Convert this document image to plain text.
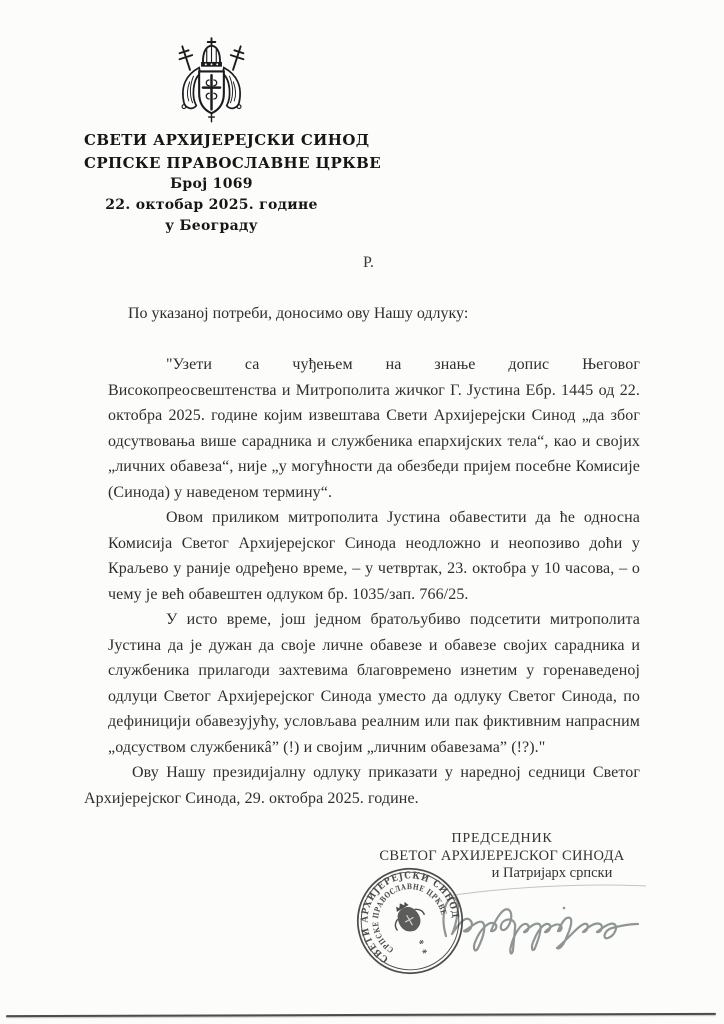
СВЕТИ АРХИЈЕРЕЈСКИ СИНОД
СРПСКЕ ПРАВОСЛАВНЕ ЦРКВЕ
Број 1069
22. октобар 2025. године
у Београду
Р.
По указаној потреби, доносимо ову Нашу одлуку:

"Узети са чуђењем на знање допис Његовог Високопреосвештенства и Митрополита жичког Г. Јустина Ебр. 1445 од 22. октобра 2025. године којим извештава Свети Архијерејски Синод „да због одсутвовања више сарадника и службеника епархијских тела“, као и својих „личних обавеза“, није „у могућности да обезбеди пријем посебне Комисије (Синода) у наведеном термину“.

Овом приликом митрополита Јустина обавестити да ће односна Комисија Светог Архијерејског Синода неодложно и неопозиво доћи у Краљево у раније одређено време, – у четвртак, 23. октобра у 10 часова, – о чему је већ обавештен одлуком бр. 1035/зап. 766/25.

У исто време, још једном братољубиво подсетити митрополита Јустина да је дужан да своје личне обавезе и обавезе својих сарадника и службеника прилагоди захтевима благовремено изнетим у горенаведеној одлуци Светог Архијерејског Синода уместо да одлуку Светог Синода, по дефиницији обавезујућу, условљава реалним или пак фиктивним напрасним „одсуством службеникâ” (!) и својим „личним обавезама” (!?)."

Ову Нашу президијалну одлуку приказати у наредној седници Светог Архијерејског Синода, 29. октобра 2025. године.

ПРЕДСЕДНИК
СВЕТОГ АРХИЈЕРЕЈСКОГ СИНОДА
и Патријарх српски
СВЕТИ АРХИЈЕРЕЈСКИ СИНОД
СРПСКЕ ПРАВОСЛАВНЕ ЦРКВЕ
*
*
